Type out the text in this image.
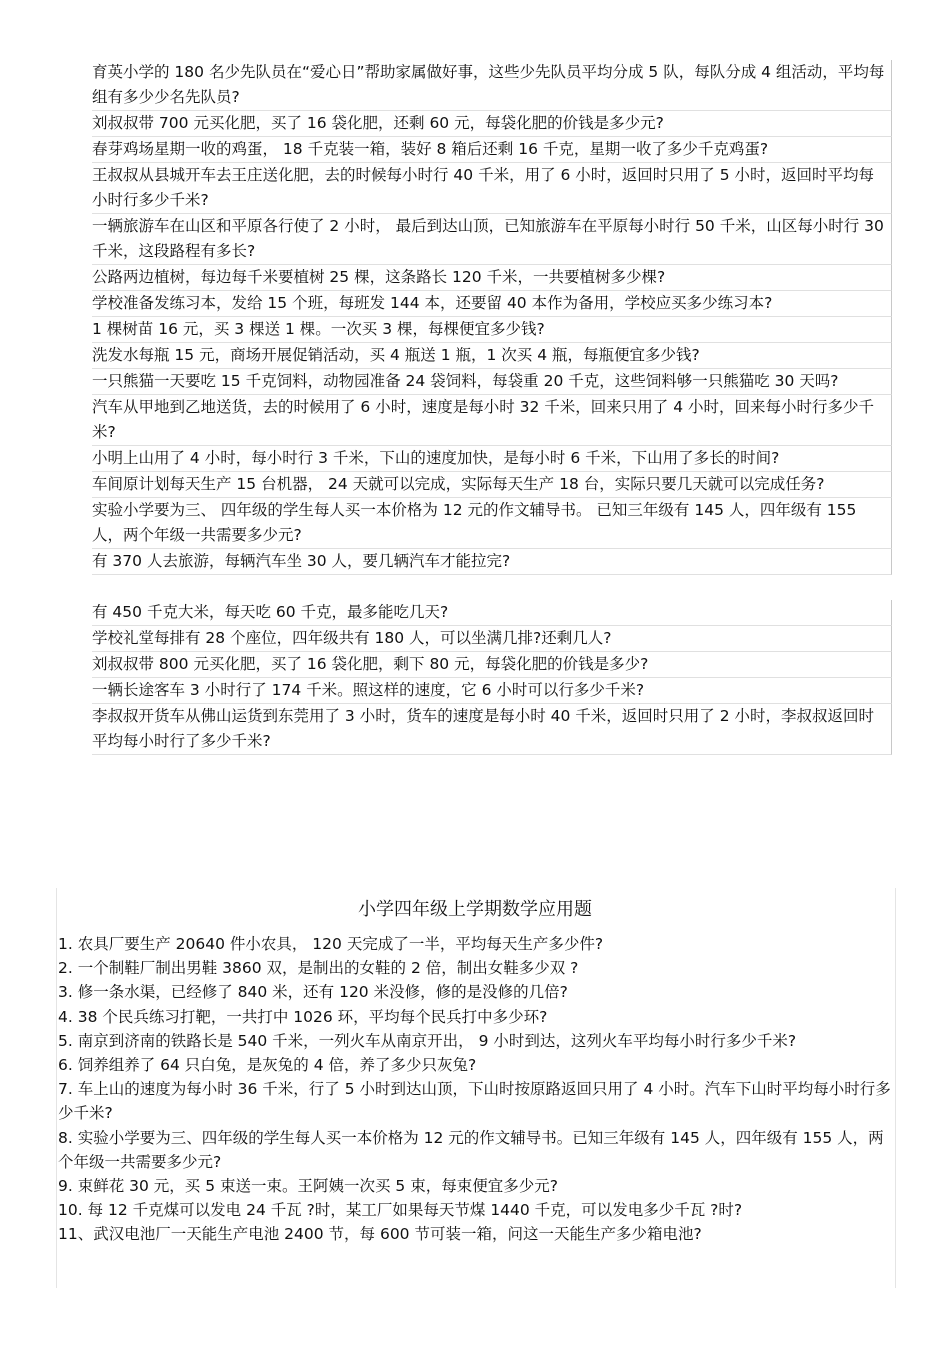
育英小学的 180 名少先队员在“爱心日”帮助家属做好事，这些少先队员平均分成 5 队，每队分成 4 组活动，平均每组有多少少名先队员?

刘叔叔带 700 元买化肥，买了 16 袋化肥，还剩 60 元，每袋化肥的价钱是多少元?

春芽鸡场星期一收的鸡蛋， 18 千克装一箱，装好 8 箱后还剩 16 千克，星期一收了多少千克鸡蛋?

王叔叔从县城开车去王庄送化肥，去的时候每小时行 40 千米，用了 6 小时，返回时只用了 5 小时，返回时平均每小时行多少千米?

一辆旅游车在山区和平原各行使了 2 小时， 最后到达山顶，已知旅游车在平原每小时行 50 千米，山区每小时行 30 千米，这段路程有多长?

公路两边植树，每边每千米要植树 25 棵，这条路长 120 千米，一共要植树多少棵?

学校准备发练习本，发给 15 个班，每班发 144 本，还要留 40 本作为备用，学校应买多少练习本?

1 棵树苗 16 元，买 3 棵送 1 棵。一次买 3 棵，每棵便宜多少钱?

洗发水每瓶 15 元，商场开展促销活动，买 4 瓶送 1 瓶，1 次买 4 瓶，每瓶便宜多少钱?

一只熊猫一天要吃 15 千克饲料，动物园准备 24 袋饲料，每袋重 20 千克，这些饲料够一只熊猫吃 30 天吗?

汽车从甲地到乙地送货，去的时候用了 6 小时，速度是每小时 32 千米，回来只用了 4 小时，回来每小时行多少千米?

小明上山用了 4 小时，每小时行 3 千米，下山的速度加快，是每小时 6 千米，下山用了多长的时间?

车间原计划每天生产 15 台机器， 24 天就可以完成，实际每天生产 18 台，实际只要几天就可以完成任务?

实验小学要为三、 四年级的学生每人买一本价格为 12 元的作文辅导书。 已知三年级有 145 人，四年级有 155 人，两个年级一共需要多少元?

有 370 人去旅游，每辆汽车坐 30 人，要几辆汽车才能拉完?

有 450 千克大米，每天吃 60 千克，最多能吃几天?

学校礼堂每排有 28 个座位，四年级共有 180 人，可以坐满几排?还剩几人?

刘叔叔带 800 元买化肥，买了 16 袋化肥，剩下 80 元，每袋化肥的价钱是多少?

一辆长途客车 3 小时行了 174 千米。照这样的速度，它 6 小时可以行多少千米?

李叔叔开货车从佛山运货到东莞用了 3 小时，货车的速度是每小时 40 千米，返回时只用了 2 小时，李叔叔返回时平均每小时行了多少千米?

小学四年级上学期数学应用题

1. 农具厂要生产 20640 件小农具， 120 天完成了一半，平均每天生产多少件?

2. 一个制鞋厂制出男鞋 3860 双，是制出的女鞋的 2 倍，制出女鞋多少双 ?

3. 修一条水渠，已经修了 840 米，还有 120 米没修，修的是没修的几倍?

4. 38 个民兵练习打靶，一共打中 1026 环，平均每个民兵打中多少环?

5. 南京到济南的铁路长是 540 千米，一列火车从南京开出， 9 小时到达，这列火车平均每小时行多少千米?

6. 饲养组养了 64 只白兔，是灰兔的 4 倍，养了多少只灰兔?

7. 车上山的速度为每小时 36 千米，行了 5 小时到达山顶，下山时按原路返回只用了 4 小时。汽车下山时平均每小时行多少千米?

8. 实验小学要为三、四年级的学生每人买一本价格为 12 元的作文辅导书。已知三年级有 145 人，四年级有 155 人，两个年级一共需要多少元?

9. 束鲜花 30 元，买 5 束送一束。王阿姨一次买 5 束，每束便宜多少元?

10. 每 12 千克煤可以发电 24 千瓦 ?时，某工厂如果每天节煤 1440 千克，可以发电多少千瓦 ?时?

11、武汉电池厂一天能生产电池 2400 节，每 600 节可装一箱，问这一天能生产多少箱电池?
